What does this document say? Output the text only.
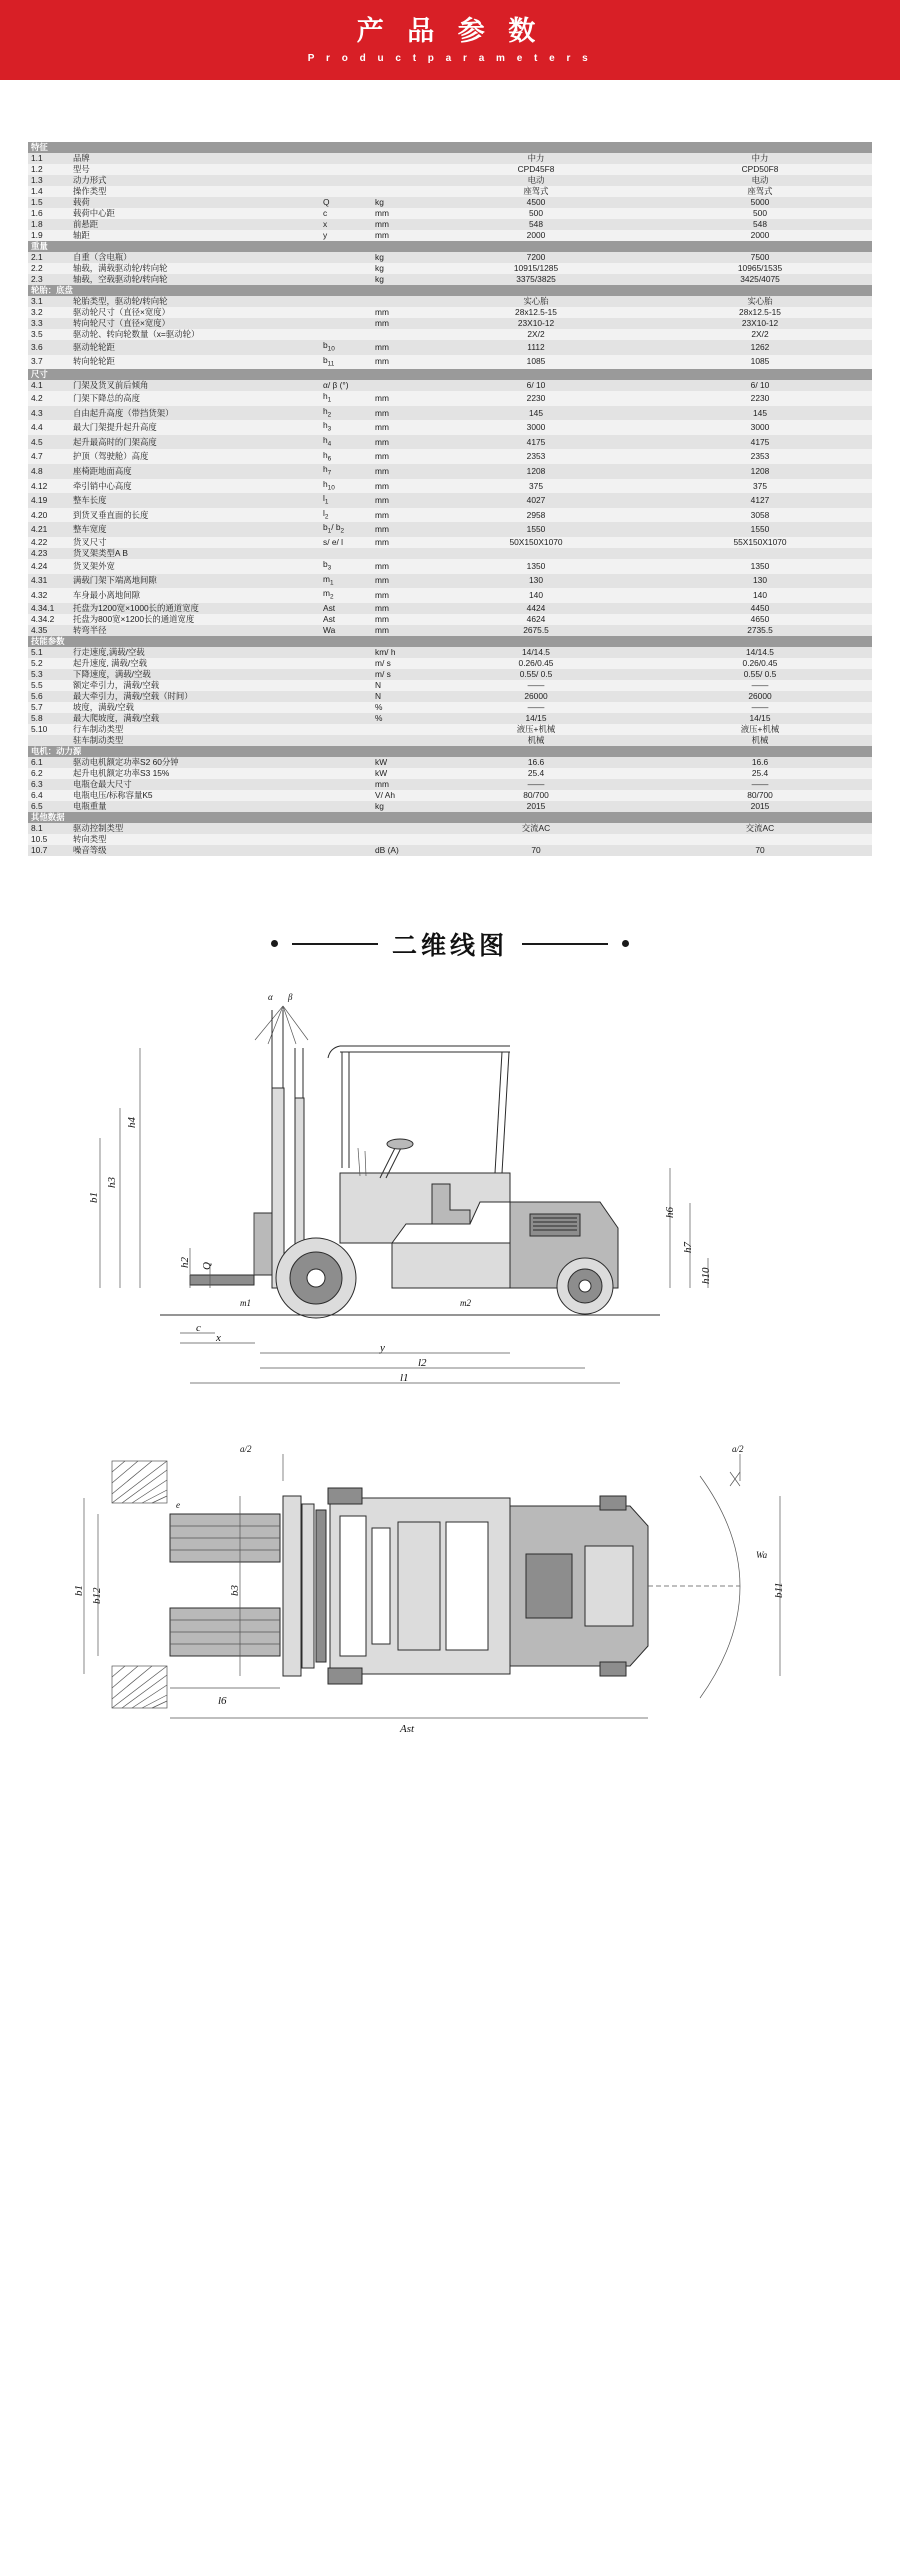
产 品 参 数
P r o d u c t p a r a m e t e r s
特征					
1.1	品牌			中力	中力
1.2	型号			CPD45F8	CPD50F8
1.3	动力形式			电动	电动
1.4	操作类型			座驾式	座驾式
1.5	载荷	Q	kg	4500	5000
1.6	载荷中心距	c	mm	500	500
1.8	前悬距	x	mm	548	548
1.9	轴距	y	mm	2000	2000
重量					
2.1	自重（含电瓶）		kg	7200	7500
2.2	轴载，满载驱动轮/转向轮		kg	10915/1285	10965/1535
2.3	轴载，空载驱动轮/转向轮		kg	3375/3825	3425/4075
轮胎：底盘					
3.1	轮胎类型，驱动轮/转向轮			实心胎	实心胎
3.2	驱动轮尺寸（直径×宽度）		mm	28x12.5-15	28x12.5-15
3.3	转向轮尺寸（直径×宽度）		mm	23X10-12	23X10-12
3.5	驱动轮、转向轮数量（x=驱动轮）			2X/2	2X/2
3.6	驱动轮轮距	$b_{10}$	mm	1112	1262
3.7	转向轮轮距	$b_{11}$	mm	1085	1085
尺寸					
4.1	门架及货叉前后倾角	α/ β (°)		6/ 10	6/ 10
4.2	门架下降总的高度	$h_1$	mm	2230	2230
4.3	自由起升高度（带挡货架）	$h_2$	mm	145	145
4.4	最大门架提升起升高度	$h_3$	mm	3000	3000
4.5	起升最高时的门架高度	$h_4$	mm	4175	4175
4.7	护顶（驾驶舱）高度	$h_6$	mm	2353	2353
4.8	座椅距地面高度	$h_7$	mm	1208	1208
4.12	牵引销中心高度	$h_{10}$	mm	375	375
4.19	整车长度	$l_1$	mm	4027	4127
4.20	到货叉垂直面的长度	$l_2$	mm	2958	3058
4.21	整车宽度	$b_1/$ $b_2$	mm	1550	1550
4.22	货叉尺寸	s/ e/ l	mm	50X150X1070	55X150X1070
4.23	货叉架类型A B				
4.24	货叉架外宽	$b_3$	mm	1350	1350
4.31	满载门架下端离地间隙	$m_1$	mm	130	130
4.32	车身最小离地间隙	$m_2$	mm	140	140
4.34.1	托盘为1200宽×1000长的通道宽度	Ast	mm	4424	4450
4.34.2	托盘为800宽×1200长的通道宽度	Ast	mm	4624	4650
4.35	转弯半径	Wa	mm	2675.5	2735.5
技能参数					
5.1	行走速度,满载/空载		km/ h	14/14.5	14/14.5
5.2	起升速度, 满载/空载		m/ s	0.26/0.45	0.26/0.45
5.3	下降速度，满载/空载		m/ s	0.55/ 0.5	0.55/ 0.5
5.5	额定牵引力，满载/空载		N	——	——
5.6	最大牵引力，满载/空载（时间）		N	26000	26000
5.7	坡度，满载/空载		%	——	——
5.8	最大爬坡度，满载/空载		%	14/15	14/15
5.10	行车制动类型			液压+机械	液压+机械
	驻车制动类型			机械	机械
电机：动力源					
6.1	驱动电机额定功率S2 60分钟		kW	16.6	16.6
6.2	起升电机额定功率S3 15%		kW	25.4	25.4
6.3	电瓶仓最大尺寸		mm	——	——
6.4	电瓶电压/标称容量K5		V/ Ah	80/700	80/700
6.5	电瓶重量		kg	2015	2015
其他数据					
8.1	驱动控制类型			交流AC	交流AC
10.5	转向类型				
10.7	噪音等级		dB (A)	70	70
二维线图
α β
h4
h3
b1
h2 Q
h6
h7
h10
m1	m2
c
x
y
l2
l1
a/2	a/2
b1 b12	b3	b11
Wa
l6
Ast
e
